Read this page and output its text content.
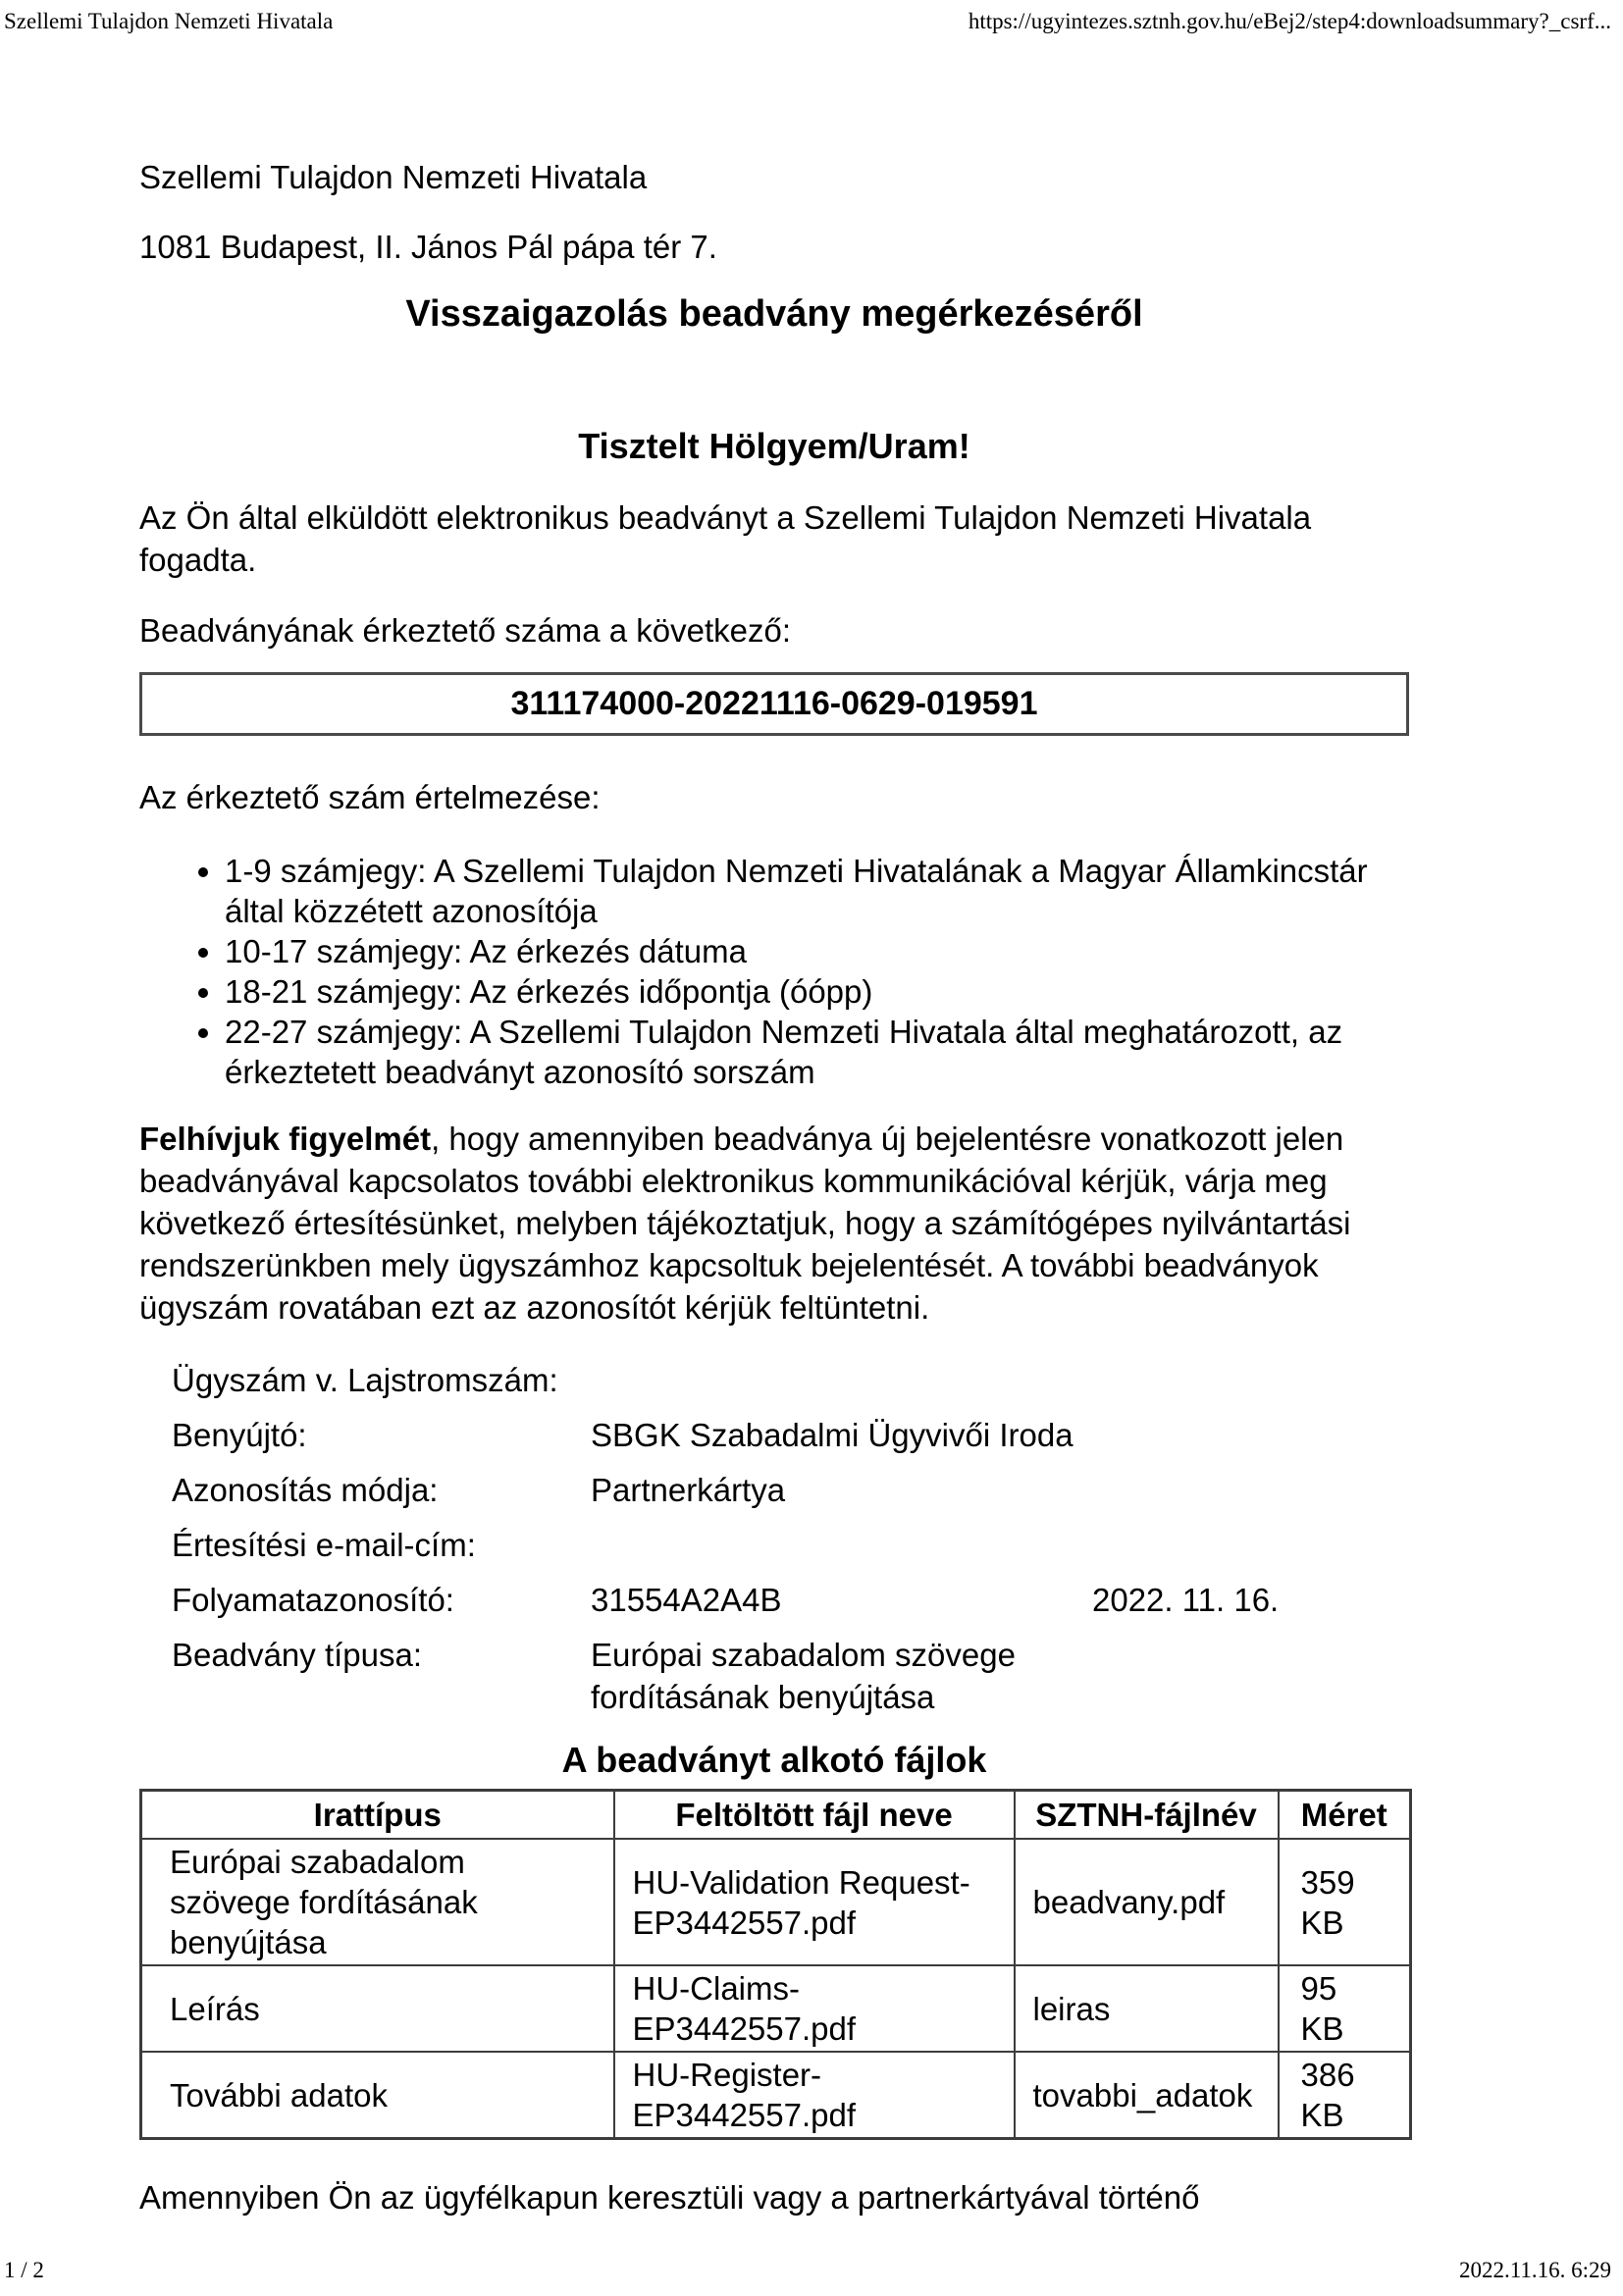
Szellemi Tulajdon Nemzeti Hivatala	https://ugyintezes.sztnh.gov.hu/eBej2/step4:downloadsummary?_csrf...

Szellemi Tulajdon Nemzeti Hivatala

1081 Budapest, II. János Pál pápa tér 7.

Visszaigazolás beadvány megérkezéséről
Tisztelt Hölgyem/Uram!

Az Ön által elküldött elektronikus beadványt a Szellemi Tulajdon Nemzeti Hivatala fogadta.

Beadványának érkeztető száma a következő:

311174000-20221116-0629-019591

Az érkeztető szám értelmezése:

• 1-9 számjegy: A Szellemi Tulajdon Nemzeti Hivatalának a Magyar Államkincstár által közzétett azonosítója
• 10-17 számjegy: Az érkezés dátuma
• 18-21 számjegy: Az érkezés időpontja (óópp)
• 22-27 számjegy: A Szellemi Tulajdon Nemzeti Hivatala által meghatározott, az érkeztetett beadványt azonosító sorszám

Felhívjuk figyelmét, hogy amennyiben beadványa új bejelentésre vonatkozott jelen beadványával kapcsolatos további elektronikus kommunikációval kérjük, várja meg következő értesítésünket, melyben tájékoztatjuk, hogy a számítógépes nyilvántartási rendszerünkben mely ügyszámhoz kapcsoltuk bejelentését. A további beadványok ügyszám rovatában ezt az azonosítót kérjük feltüntetni.

Ügyszám v. Lajstromszám:
Benyújtó:	SBGK Szabadalmi Ügyvivői Iroda
Azonosítás módja:	Partnerkártya
Értesítési e-mail-cím:
Folyamatazonosító:	31554A2A4B	2022. 11. 16.
Beadvány típusa:	Európai szabadalom szövege fordításának benyújtása
A beadványt alkotó fájlok
Irattípus	Feltöltött fájl neve	SZTNH-fájlnév	Méret
Európai szabadalom szövege fordításának benyújtása	HU-Validation Request-EP3442557.pdf	beadvany.pdf	359 KB
Leírás	HU-Claims-EP3442557.pdf	leiras	95 KB
További adatok	HU-Register-EP3442557.pdf	tovabbi_adatok	386 KB

Amennyiben Ön az ügyfélkapun keresztüli vagy a partnerkártyával történő

1 / 2	2022.11.16. 6:29
